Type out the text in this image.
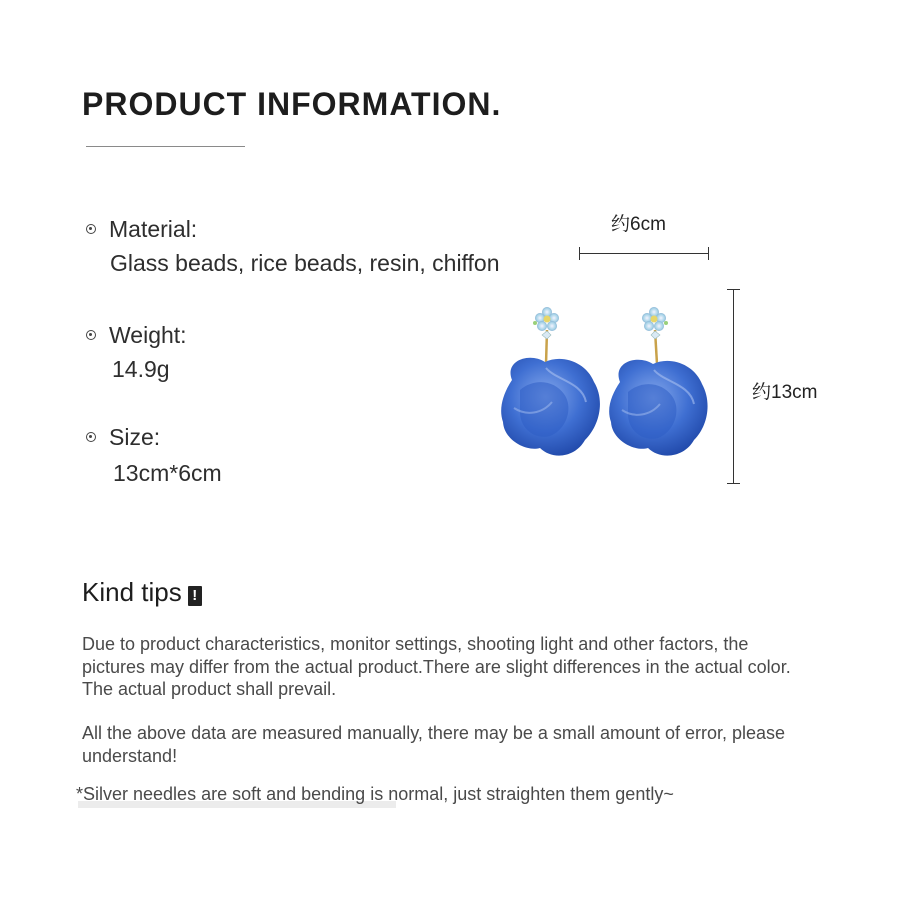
PRODUCT INFORMATION.
Material:
Glass beads, rice beads, resin, chiffon
Weight:
14.9g
Size:
13cm*6cm
约6cm
约13cm
Kind tips !
Due to product characteristics, monitor settings, shooting light and other factors, the pictures may differ from the actual product.There are slight differences in the actual color. The actual product shall prevail.
All the above data are measured manually, there may be a small amount of error, please understand!
*Silver needles are soft and bending is normal, just straighten them gently~
